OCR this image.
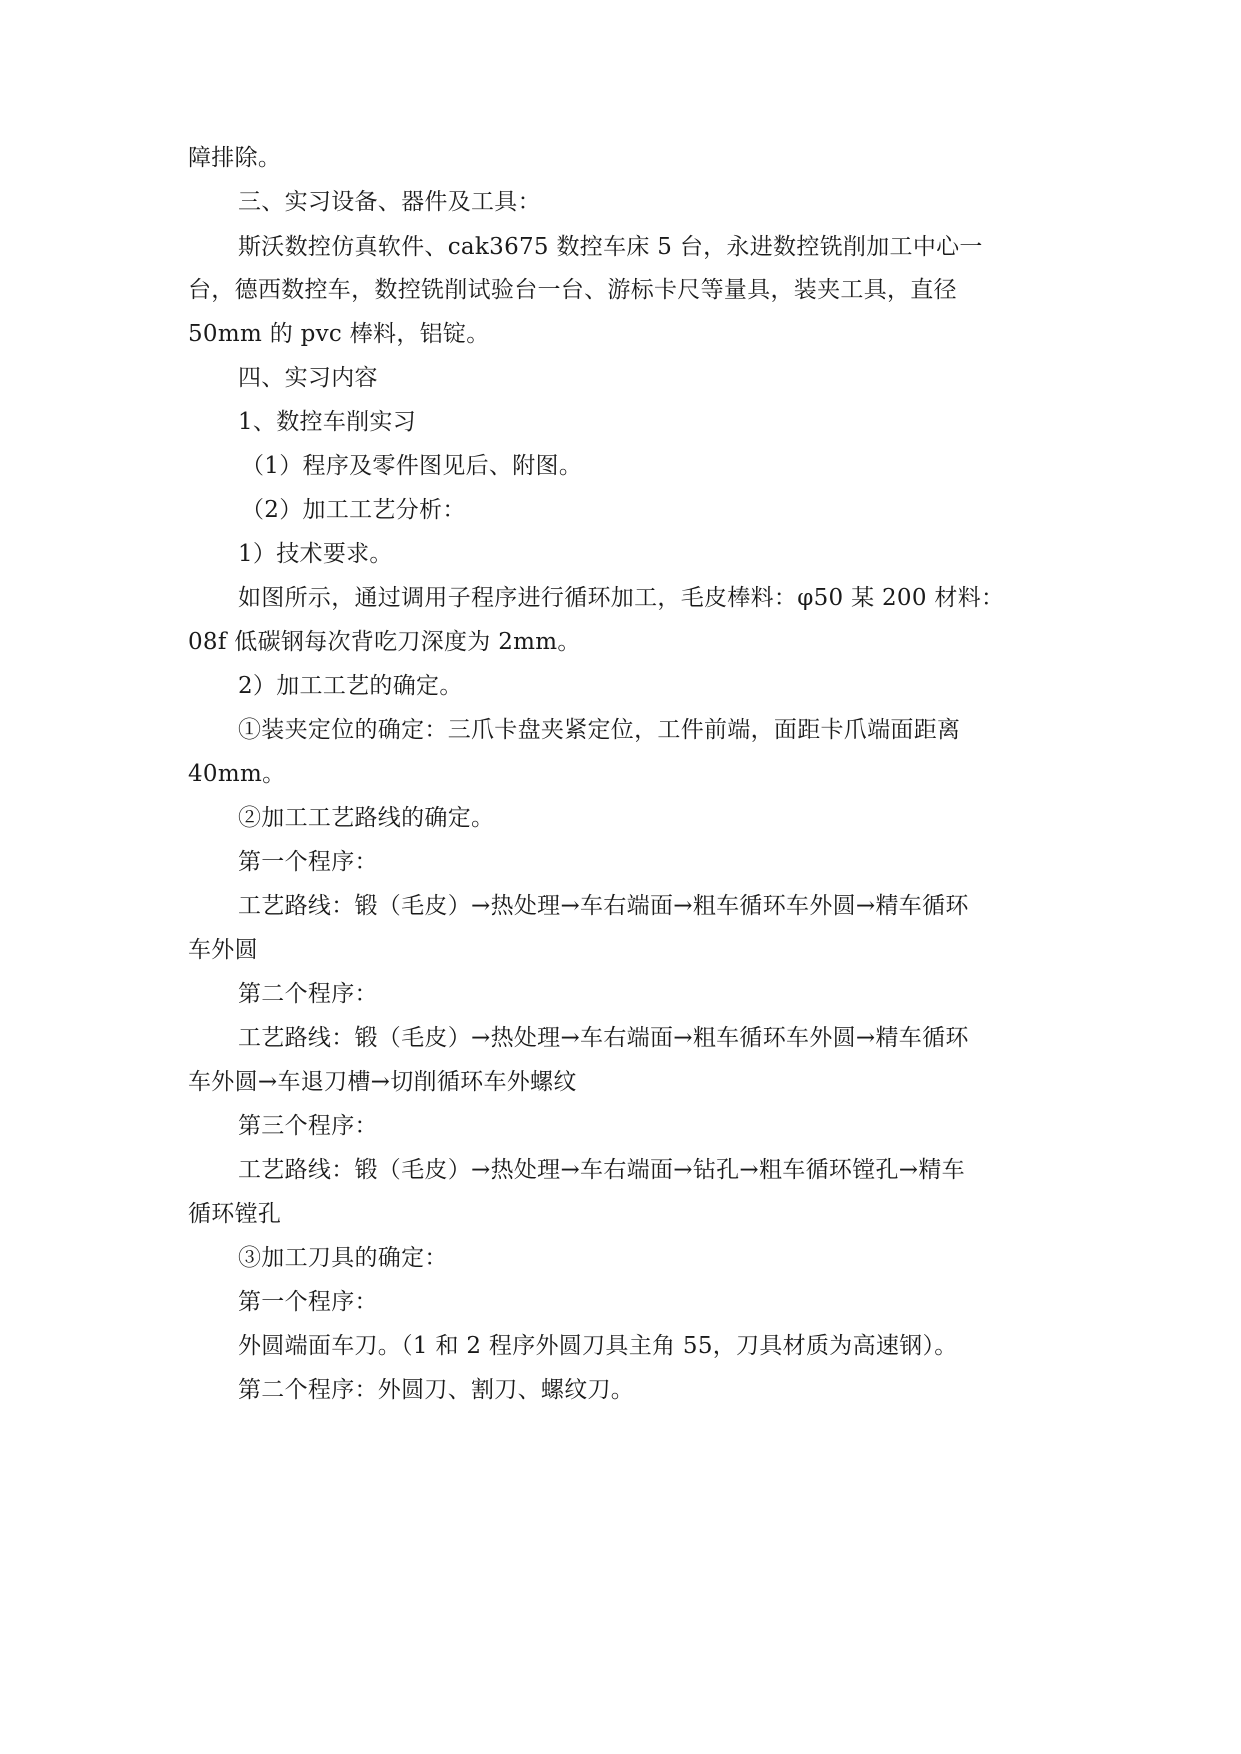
障排除。
三、实习设备、器件及工具：
斯沃数控仿真软件、cak3675 数控车床 5 台，永进数控铣削加工中心一
台，德西数控车，数控铣削试验台一台、游标卡尺等量具，装夹工具，直径
50mm 的 pvc 棒料，铝锭。
四、实习内容
1、数控车削实习
（1）程序及零件图见后、附图。
（2）加工工艺分析：
1）技术要求。
如图所示，通过调用子程序进行循环加工，毛皮棒料：φ50 某 200 材料：
08f 低碳钢每次背吃刀深度为 2mm。
2）加工工艺的确定。
①装夹定位的确定：三爪卡盘夹紧定位，工件前端，面距卡爪端面距离
40mm。
②加工工艺路线的确定。
第一个程序：
工艺路线：锻（毛皮）→热处理→车右端面→粗车循环车外圆→精车循环
车外圆
第二个程序：
工艺路线：锻（毛皮）→热处理→车右端面→粗车循环车外圆→精车循环
车外圆→车退刀槽→切削循环车外螺纹
第三个程序：
工艺路线：锻（毛皮）→热处理→车右端面→钻孔→粗车循环镗孔→精车
循环镗孔
③加工刀具的确定：
第一个程序：
外圆端面车刀。（1 和 2 程序外圆刀具主角 55，刀具材质为高速钢）。
第二个程序：外圆刀、割刀、螺纹刀。
